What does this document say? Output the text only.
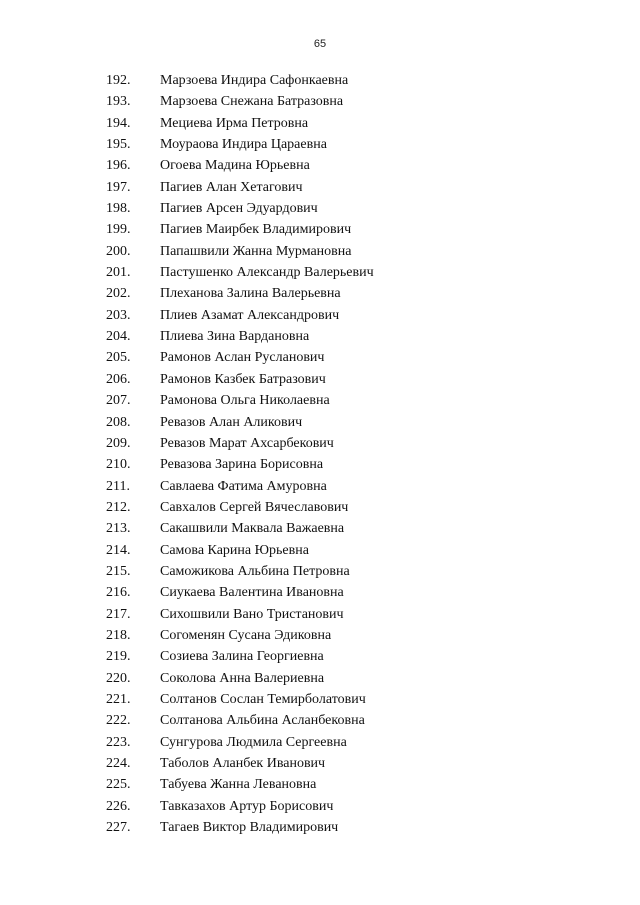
65
192.	Марзоева Индира Сафонкаевна
193.	Марзоева Снежана Батразовна
194.	Мециева Ирма Петровна
195.	Моураова Индира Цараевна
196.	Огоева Мадина Юрьевна
197.	Пагиев Алан Хетагович
198.	Пагиев Арсен Эдуардович
199.	Пагиев Маирбек Владимирович
200.	Папашвили Жанна Мурмановна
201.	Пастушенко Александр Валерьевич
202.	Плеханова Залина Валерьевна
203.	Плиев Азамат Александрович
204.	Плиева Зина Вардановна
205.	Рамонов Аслан Русланович
206.	Рамонов Казбек Батразович
207.	Рамонова Ольга Николаевна
208.	Ревазов Алан Аликович
209.	Ревазов Марат Ахсарбекович
210.	Ревазова Зарина Борисовна
211.	Савлаева Фатима Амуровна
212.	Савхалов Сергей Вячеславович
213.	Сакашвили Маквала Важаевна
214.	Самова Карина Юрьевна
215.	Саможикова Альбина Петровна
216.	Сиукаева Валентина Ивановна
217.	Сихошвили Вано Тристанович
218.	Согоменян Сусана Эдиковна
219.	Созиева Залина Георгиевна
220.	Соколова Анна Валериевна
221.	Солтанов Сослан Темирболатович
222.	Солтанова Альбина Асланбековна
223.	Сунгурова Людмила Сергеевна
224.	Таболов Аланбек Иванович
225.	Табуева Жанна Левановна
226.	Тавказахов Артур Борисович
227.	Тагаев Виктор Владимирович
